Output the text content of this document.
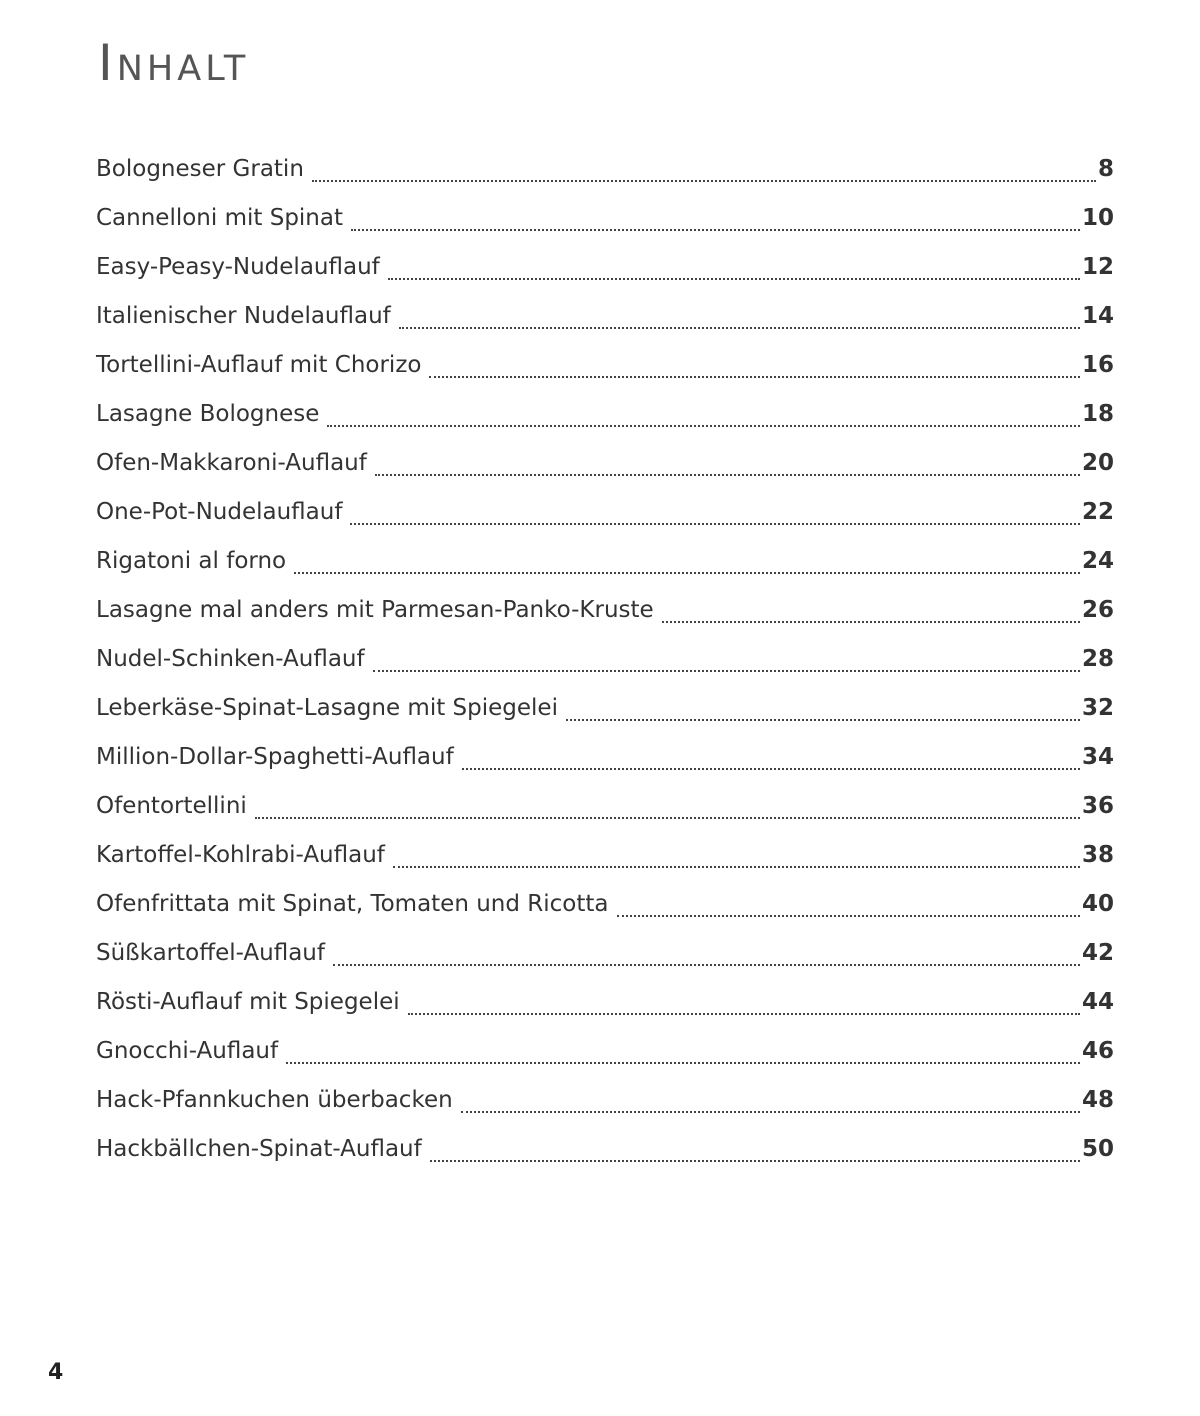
Inhalt
Bologneser Gratin	8
Cannelloni mit Spinat	10
Easy-Peasy-Nudelauflauf	12
Italienischer Nudelauflauf	14
Tortellini-Auflauf mit Chorizo	16
Lasagne Bolognese	18
Ofen-Makkaroni-Auflauf	20
One-Pot-Nudelauflauf	22
Rigatoni al forno	24
Lasagne mal anders mit Parmesan-Panko-Kruste	26
Nudel-Schinken-Auflauf	28
Leberkäse-Spinat-Lasagne mit Spiegelei	32
Million-Dollar-Spaghetti-Auflauf	34
Ofentortellini	36
Kartoffel-Kohlrabi-Auflauf	38
Ofenfrittata mit Spinat, Tomaten und Ricotta	40
Süßkartoffel-Auflauf	42
Rösti-Auflauf mit Spiegelei	44
Gnocchi-Auflauf	46
Hack-Pfannkuchen überbacken	48
Hackbällchen-Spinat-Auflauf	50
4
